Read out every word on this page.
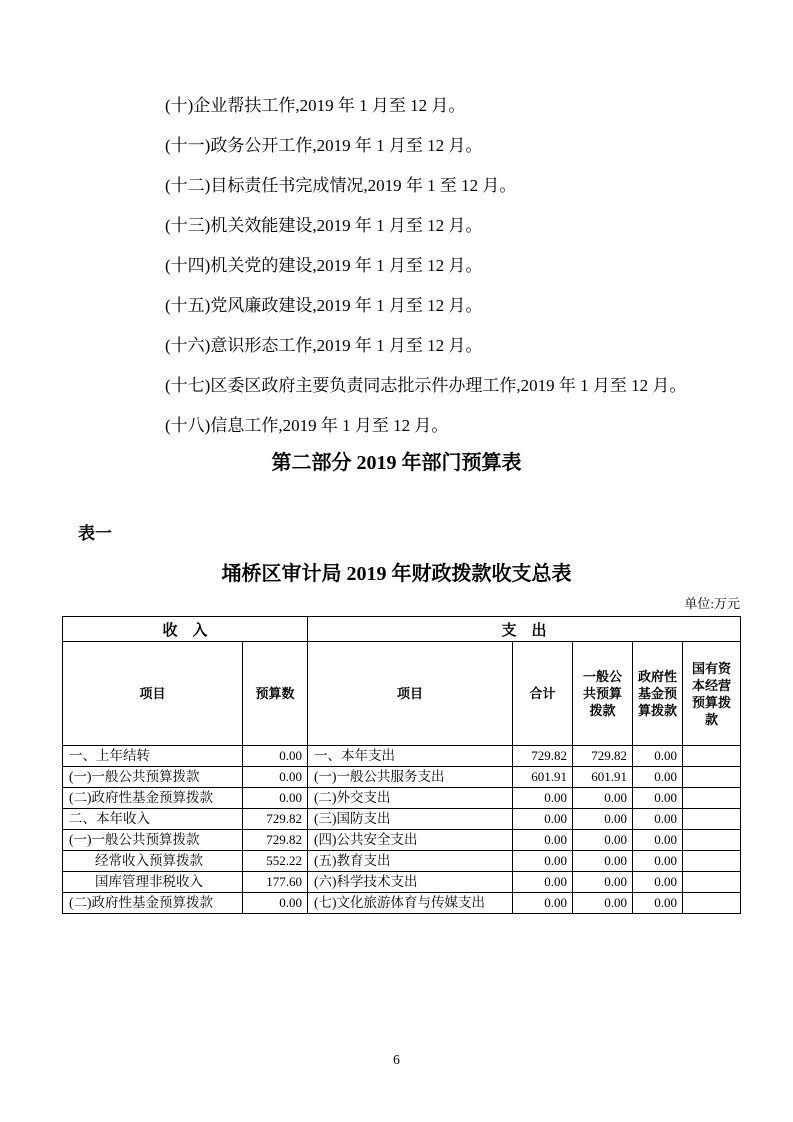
(十)企业帮扶工作,2019 年 1 月至 12 月。

(十一)政务公开工作,2019 年 1 月至 12 月。

(十二)目标责任书完成情况,2019 年 1 至 12 月。

(十三)机关效能建设,2019 年 1 月至 12 月。

(十四)机关党的建设,2019 年 1 月至 12 月。

(十五)党风廉政建设,2019 年 1 月至 12 月。

(十六)意识形态工作,2019 年 1 月至 12 月。

(十七)区委区政府主要负责同志批示件办理工作,2019 年 1 月至 12 月。

(十八)信息工作,2019 年 1 月至 12 月。

第二部分 2019 年部门预算表
表一
埇桥区审计局 2019 年财政拨款收支总表
单位:万元
收　入		支　出				
项目	预算数	项目	合计	一般公共预算拨款	政府性基金预算拨款	国有资本经营预算拨款
一、上年结转	0.00	一、本年支出	729.82	729.82	0.00	
(一)一般公共预算拨款	0.00	(一)一般公共服务支出	601.91	601.91	0.00	
(二)政府性基金预算拨款	0.00	(二)外交支出	0.00	0.00	0.00	
二、本年收入	729.82	(三)国防支出	0.00	0.00	0.00	
(一)一般公共预算拨款	729.82	(四)公共安全支出	0.00	0.00	0.00	
经常收入预算拨款	552.22	(五)教育支出	0.00	0.00	0.00	
国库管理非税收入	177.60	(六)科学技术支出	0.00	0.00	0.00	
(二)政府性基金预算拨款	0.00	(七)文化旅游体育与传媒支出	0.00	0.00	0.00	
6
